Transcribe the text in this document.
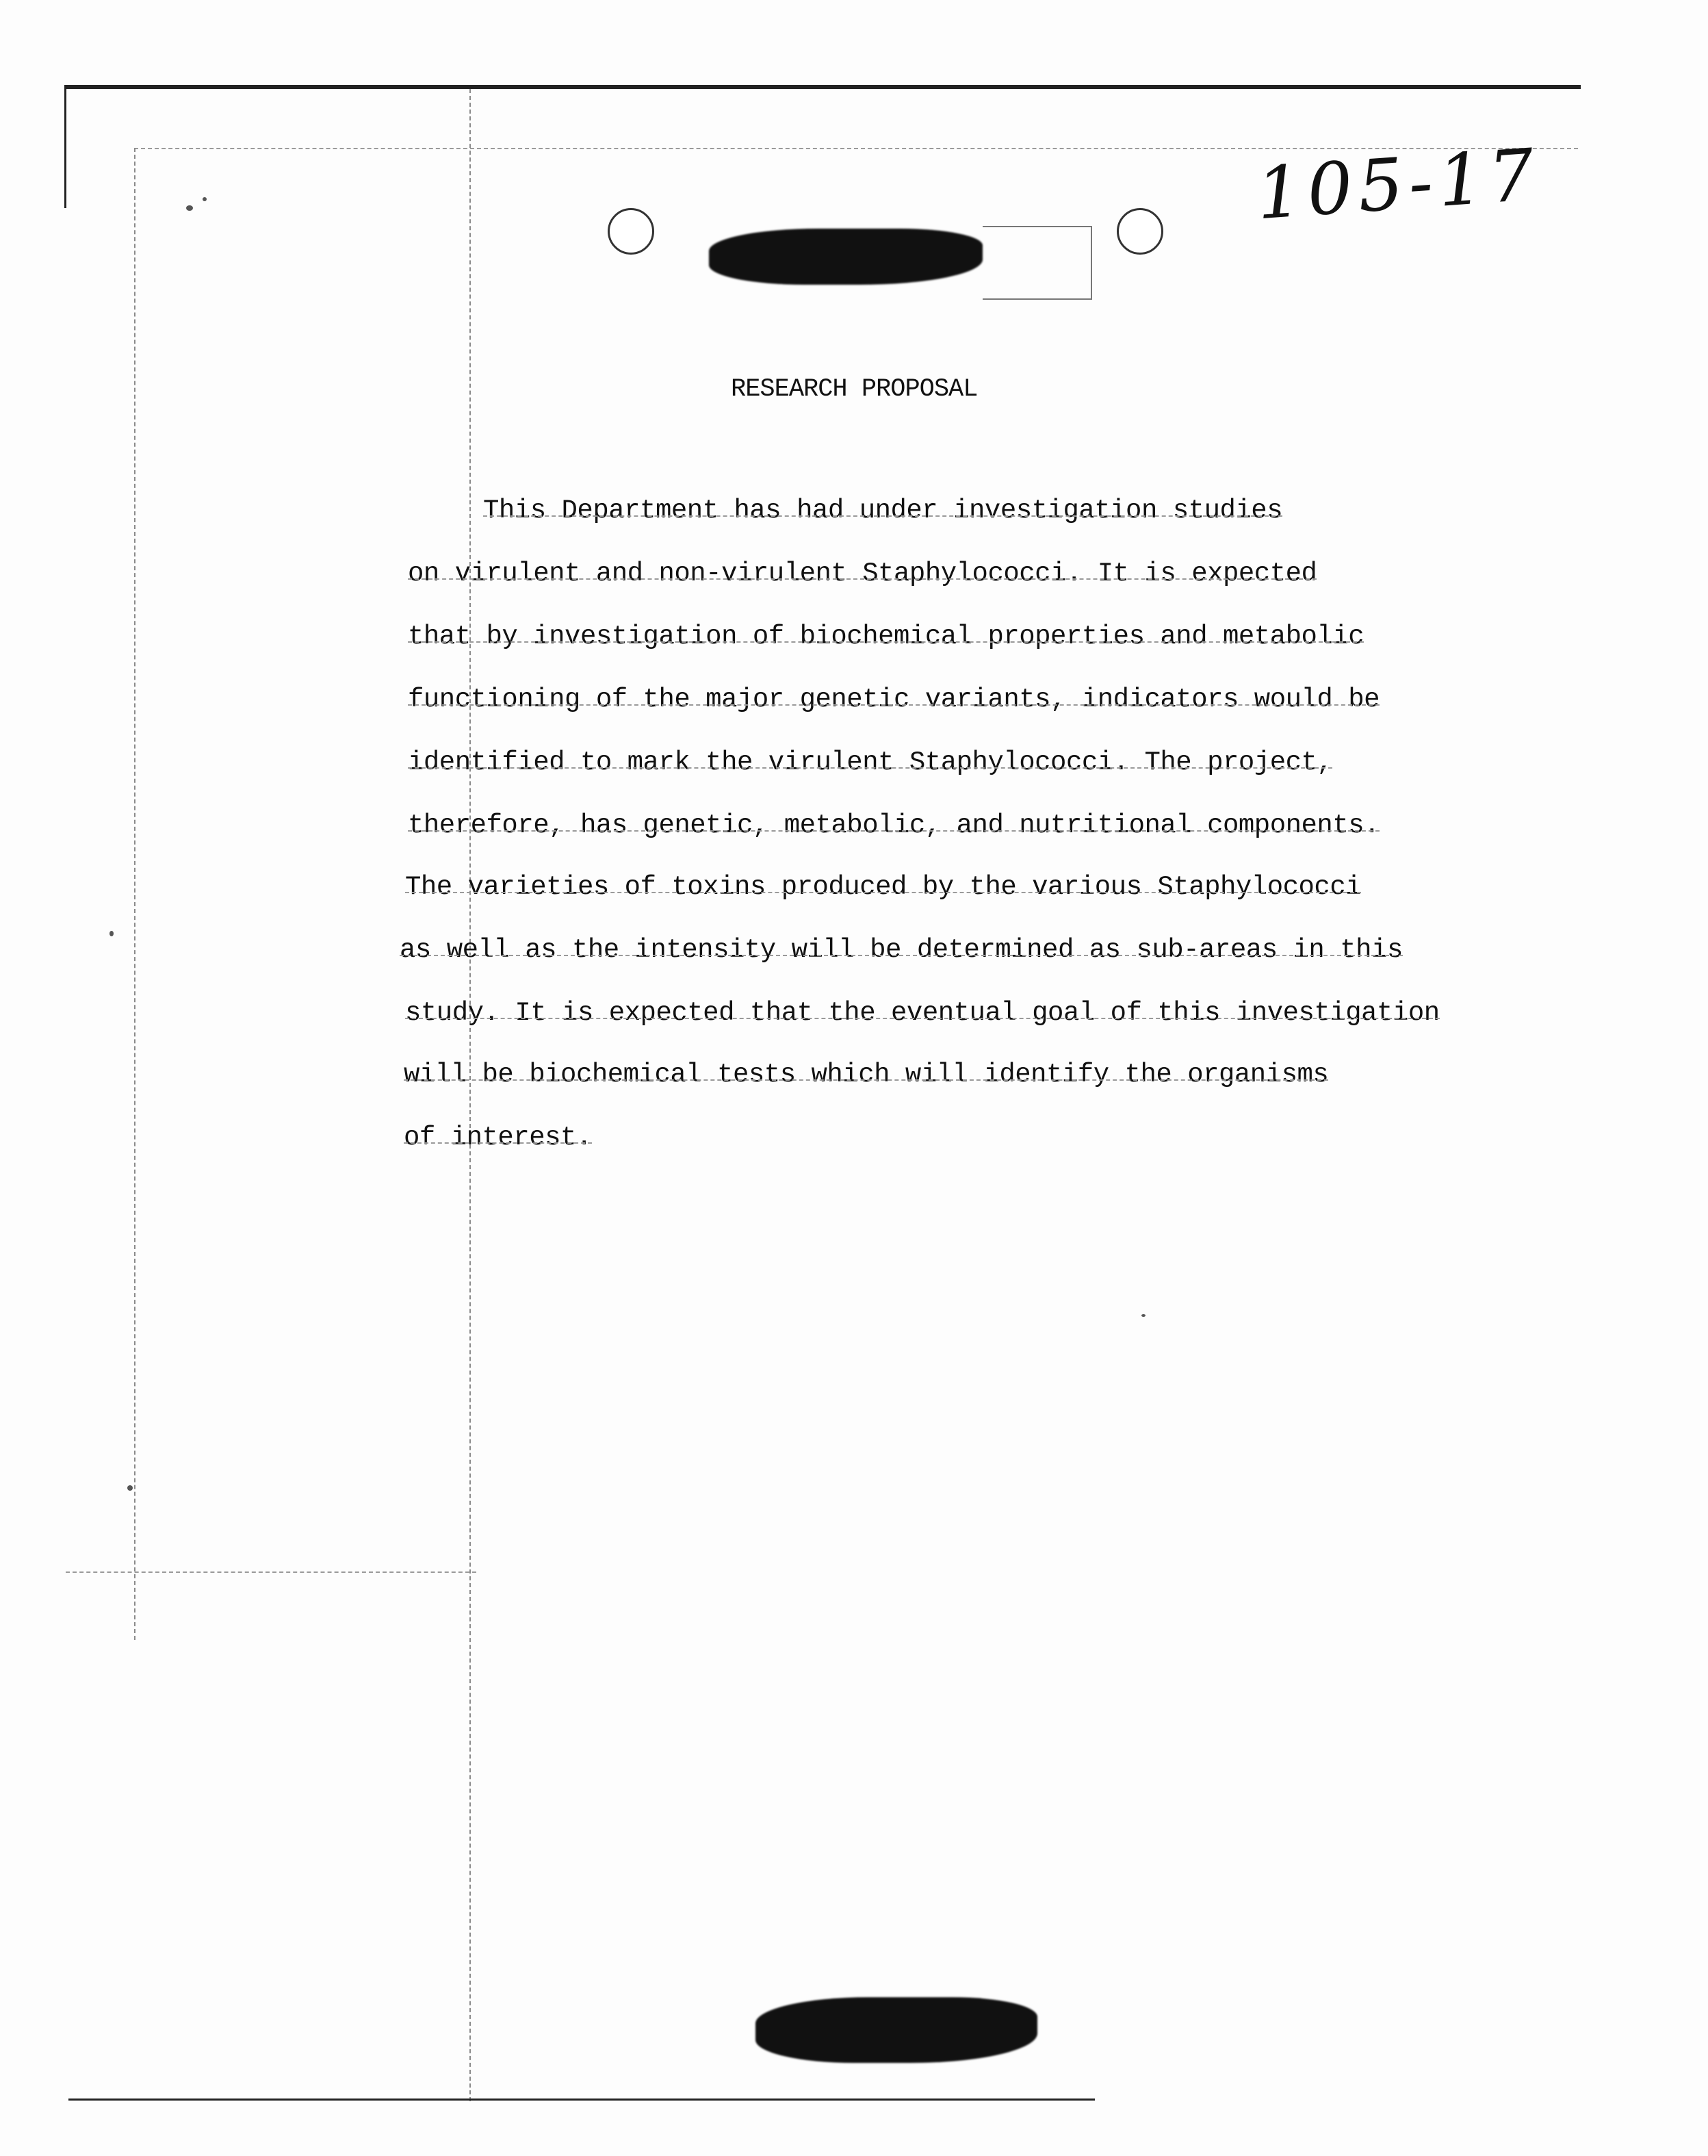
105-17
RESEARCH PROPOSAL
This Department has had under investigation studies
on virulent and non-virulent Staphylococci. It is expected
that by investigation of biochemical properties and metabolic
functioning of the major genetic variants, indicators would be
identified to mark the virulent Staphylococci. The project,
therefore, has genetic, metabolic, and nutritional components.
The varieties of toxins produced by the various Staphylococci
as well as the intensity will be determined as sub-areas in this
study. It is expected that the eventual goal of this investigation
will be biochemical tests which will identify the organisms
of interest.
